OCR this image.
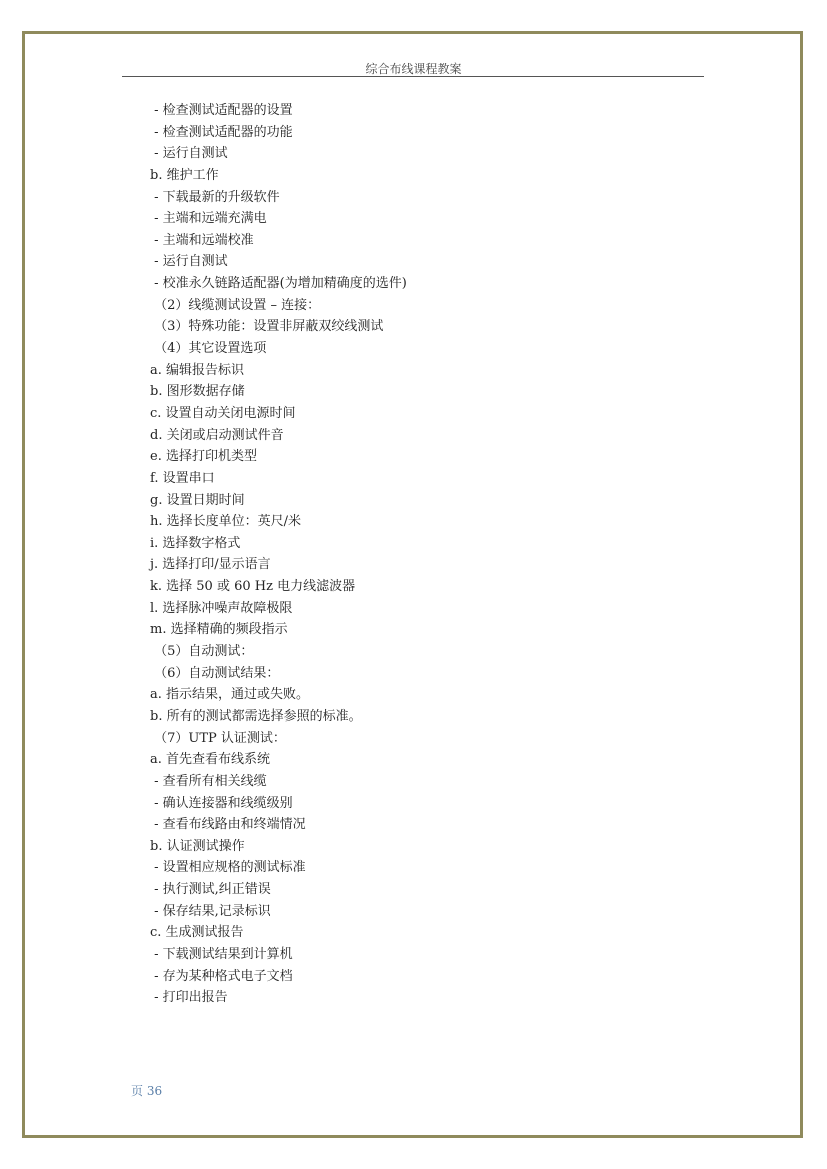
综合布线课程教案
- 检查测试适配器的设置
- 检查测试适配器的功能
- 运行自测试
b. 维护工作
- 下载最新的升级软件
- 主端和远端充满电
- 主端和远端校准
- 运行自测试
- 校准永久链路适配器(为增加精确度的选件)
（2）线缆测试设置 – 连接：
（3）特殊功能：设置非屏蔽双绞线测试
（4）其它设置选项
a. 编辑报告标识
b. 图形数据存储
c. 设置自动关闭电源时间
d. 关闭或启动测试件音
e. 选择打印机类型
f. 设置串口
g. 设置日期时间
h. 选择长度单位：英尺/米
i. 选择数字格式
j. 选择打印/显示语言
k. 选择 50 或 60 Hz 电力线滤波器
l. 选择脉冲噪声故障极限
m. 选择精确的频段指示
（5）自动测试：
（6）自动测试结果：
a. 指示结果，通过或失败。
b. 所有的测试都需选择参照的标准。
（7）UTP 认证测试：
a. 首先查看布线系统
- 查看所有相关线缆
- 确认连接器和线缆级别
- 查看布线路由和终端情况
b. 认证测试操作
- 设置相应规格的测试标准
- 执行测试,纠正错误
- 保存结果,记录标识
c. 生成测试报告
- 下载测试结果到计算机
- 存为某种格式电子文档
- 打印出报告
页 36
